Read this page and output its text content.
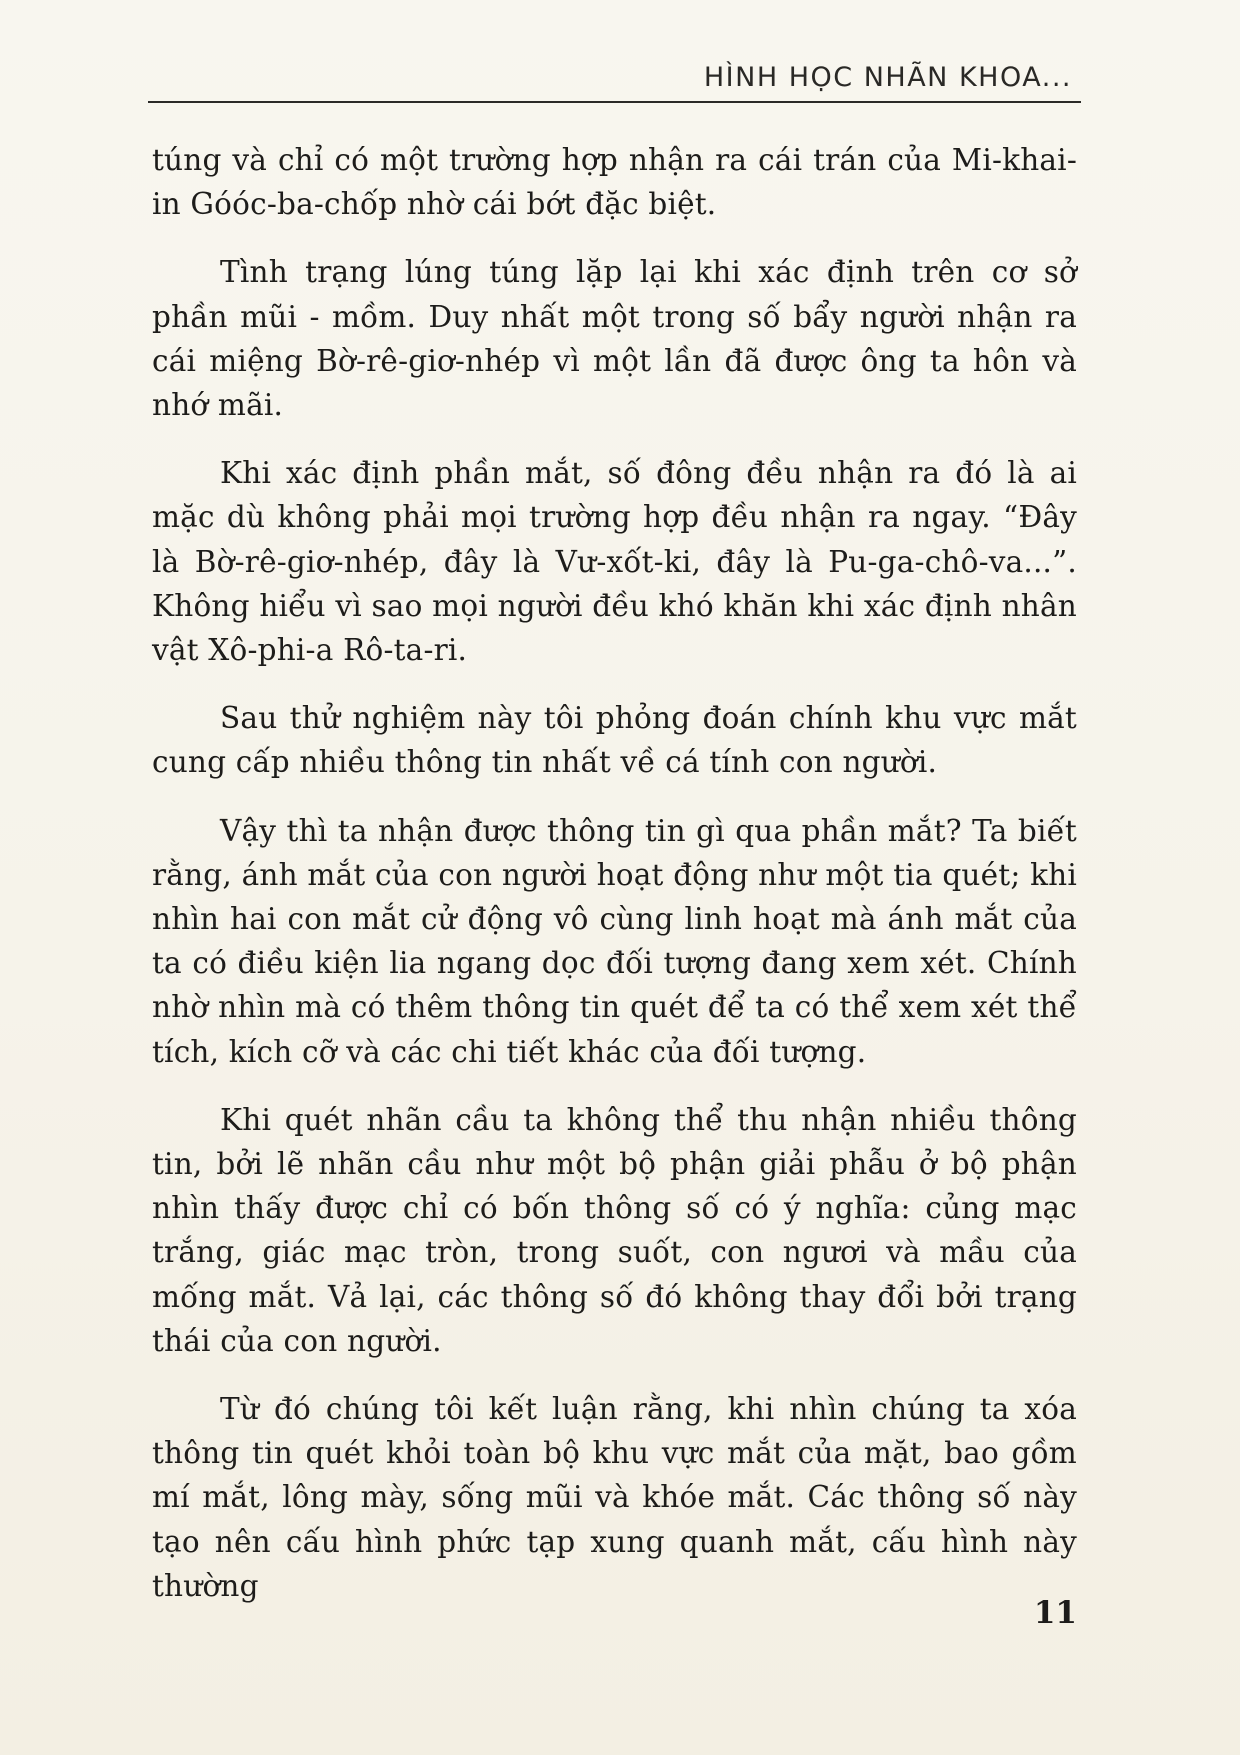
HÌNH HỌC NHÃN KHOA...

túng và chỉ có một trường hợp nhận ra cái trán của Mi-khai-in Góóc-ba-chốp nhờ cái bớt đặc biệt.

Tình trạng lúng túng lặp lại khi xác định trên cơ sở phần mũi - mồm. Duy nhất một trong số bẩy người nhận ra cái miệng Bờ-rê-giơ-nhép vì một lần đã được ông ta hôn và nhớ mãi.

Khi xác định phần mắt, số đông đều nhận ra đó là ai mặc dù không phải mọi trường hợp đều nhận ra ngay. “Đây là Bờ-rê-giơ-nhép, đây là Vư-xốt-ki, đây là Pu-ga-chô-va...”. Không hiểu vì sao mọi người đều khó khăn khi xác định nhân vật Xô-phi-a Rô-ta-ri.

Sau thử nghiệm này tôi phỏng đoán chính khu vực mắt cung cấp nhiều thông tin nhất về cá tính con người.

Vậy thì ta nhận được thông tin gì qua phần mắt? Ta biết rằng, ánh mắt của con người hoạt động như một tia quét; khi nhìn hai con mắt cử động vô cùng linh hoạt mà ánh mắt của ta có điều kiện lia ngang dọc đối tượng đang xem xét. Chính nhờ nhìn mà có thêm thông tin quét để ta có thể xem xét thể tích, kích cỡ và các chi tiết khác của đối tượng.

Khi quét nhãn cầu ta không thể thu nhận nhiều thông tin, bởi lẽ nhãn cầu như một bộ phận giải phẫu ở bộ phận nhìn thấy được chỉ có bốn thông số có ý nghĩa: củng mạc trắng, giác mạc tròn, trong suốt, con ngươi và mầu của mống mắt. Vả lại, các thông số đó không thay đổi bởi trạng thái của con người.

Từ đó chúng tôi kết luận rằng, khi nhìn chúng ta xóa thông tin quét khỏi toàn bộ khu vực mắt của mặt, bao gồm mí mắt, lông mày, sống mũi và khóe mắt. Các thông số này tạo nên cấu hình phức tạp xung quanh mắt, cấu hình này thường

11
